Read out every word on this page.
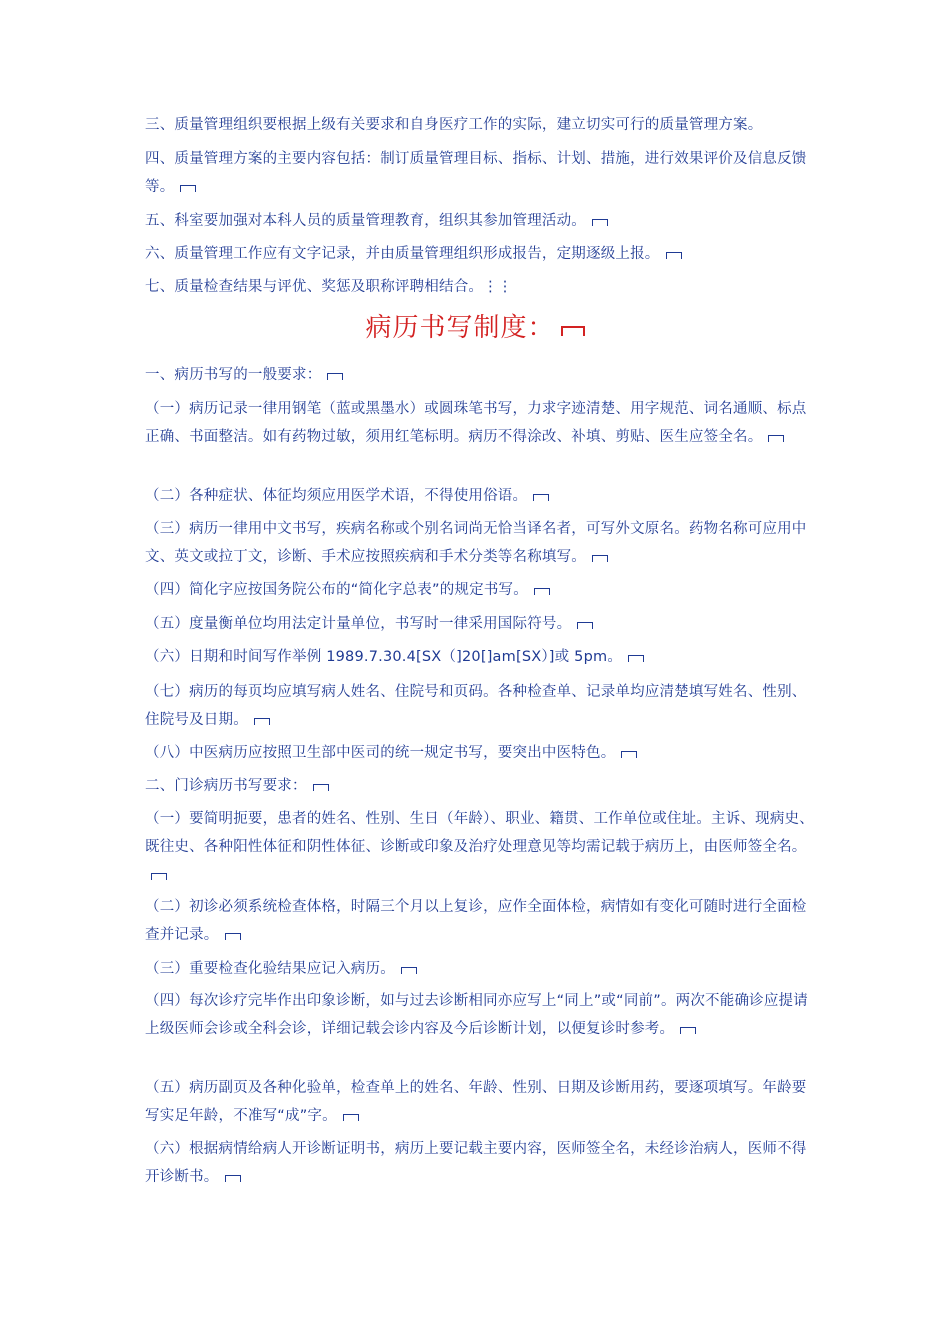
三、质量管理组织要根据上级有关要求和自身医疗工作的实际，建立切实可行的质量管理方案。
四、质量管理方案的主要内容包括：制订质量管理目标、指标、计划、措施，进行效果评价及信息反馈等。
五、科室要加强对本科人员的质量管理教育，组织其参加管理活动。
六、质量管理工作应有文字记录，并由质量管理组织形成报告，定期逐级上报。
七、质量检查结果与评优、奖惩及职称评聘相结合。⋮⋮
病历书写制度：
一、病历书写的一般要求：
（一）病历记录一律用钢笔（蓝或黑墨水）或圆珠笔书写，力求字迹清楚、用字规范、词名通顺、标点正确、书面整洁。如有药物过敏，须用红笔标明。病历不得涂改、补填、剪贴、医生应签全名。
（二）各种症状、体征均须应用医学术语，不得使用俗语。
（三）病历一律用中文书写，疾病名称或个别名词尚无恰当译名者，可写外文原名。药物名称可应用中文、英文或拉丁文，诊断、手术应按照疾病和手术分类等名称填写。
（四）简化字应按国务院公布的“简化字总表”的规定书写。
（五）度量衡单位均用法定计量单位，书写时一律采用国际符号。
（六）日期和时间写作举例 1989.7.30.4[SX（]20[]am[SX）]或 5pm。
（七）病历的每页均应填写病人姓名、住院号和页码。各种检查单、记录单均应清楚填写姓名、性别、住院号及日期。
（八）中医病历应按照卫生部中医司的统一规定书写，要突出中医特色。
二、门诊病历书写要求：
（一）要简明扼要，患者的姓名、性别、生日（年龄）、职业、籍贯、工作单位或住址。主诉、现病史、既往史、各种阳性体征和阴性体征、诊断或印象及治疗处理意见等均需记载于病历上，由医师签全名。
（二）初诊必须系统检查体格，时隔三个月以上复诊，应作全面体检，病情如有变化可随时进行全面检查并记录。
（三）重要检查化验结果应记入病历。
（四）每次诊疗完毕作出印象诊断，如与过去诊断相同亦应写上“同上”或“同前”。两次不能确诊应提请上级医师会诊或全科会诊，详细记载会诊内容及今后诊断计划，以便复诊时参考。
（五）病历副页及各种化验单，检查单上的姓名、年龄、性别、日期及诊断用药，要逐项填写。年龄要写实足年龄，不准写“成”字。
（六）根据病情给病人开诊断证明书，病历上要记载主要内容，医师签全名，未经诊治病人，医师不得开诊断书。
